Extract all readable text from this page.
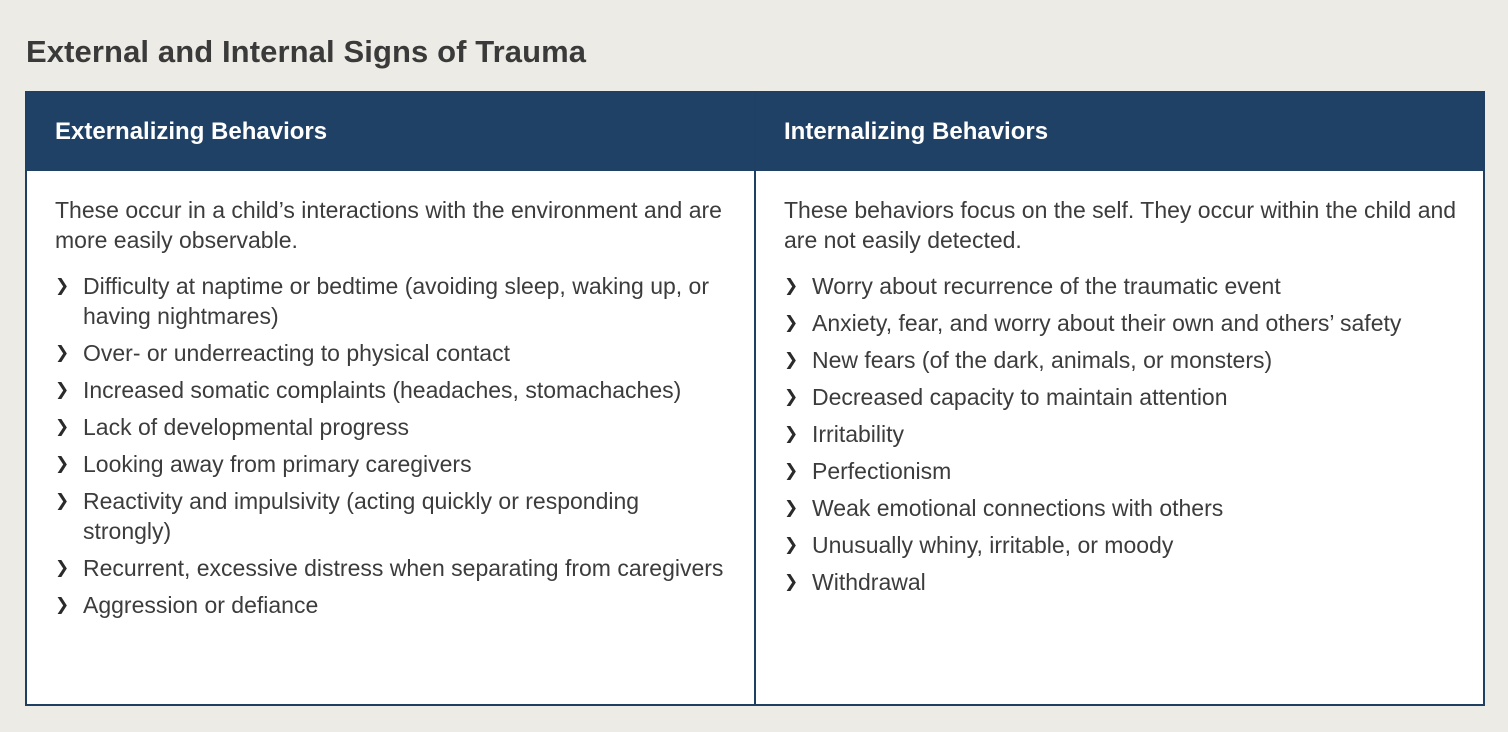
External and Internal Signs of Trauma
Externalizing Behaviors

These occur in a child’s interactions with the environment and are more easily observable.

❯ Difficulty at naptime or bedtime (avoiding sleep, waking up, or having nightmares)
❯ Over- or underreacting to physical contact
❯ Increased somatic complaints (headaches, stomachaches)
❯ Lack of developmental progress
❯ Looking away from primary caregivers
❯ Reactivity and impulsivity (acting quickly or responding strongly)
❯ Recurrent, excessive distress when separating from caregivers
❯ Aggression or defiance
Internalizing Behaviors

These behaviors focus on the self. They occur within the child and are not easily detected.

❯ Worry about recurrence of the traumatic event
❯ Anxiety, fear, and worry about their own and others’ safety
❯ New fears (of the dark, animals, or monsters)
❯ Decreased capacity to maintain attention
❯ Irritability
❯ Perfectionism
❯ Weak emotional connections with others
❯ Unusually whiny, irritable, or moody
❯ Withdrawal
